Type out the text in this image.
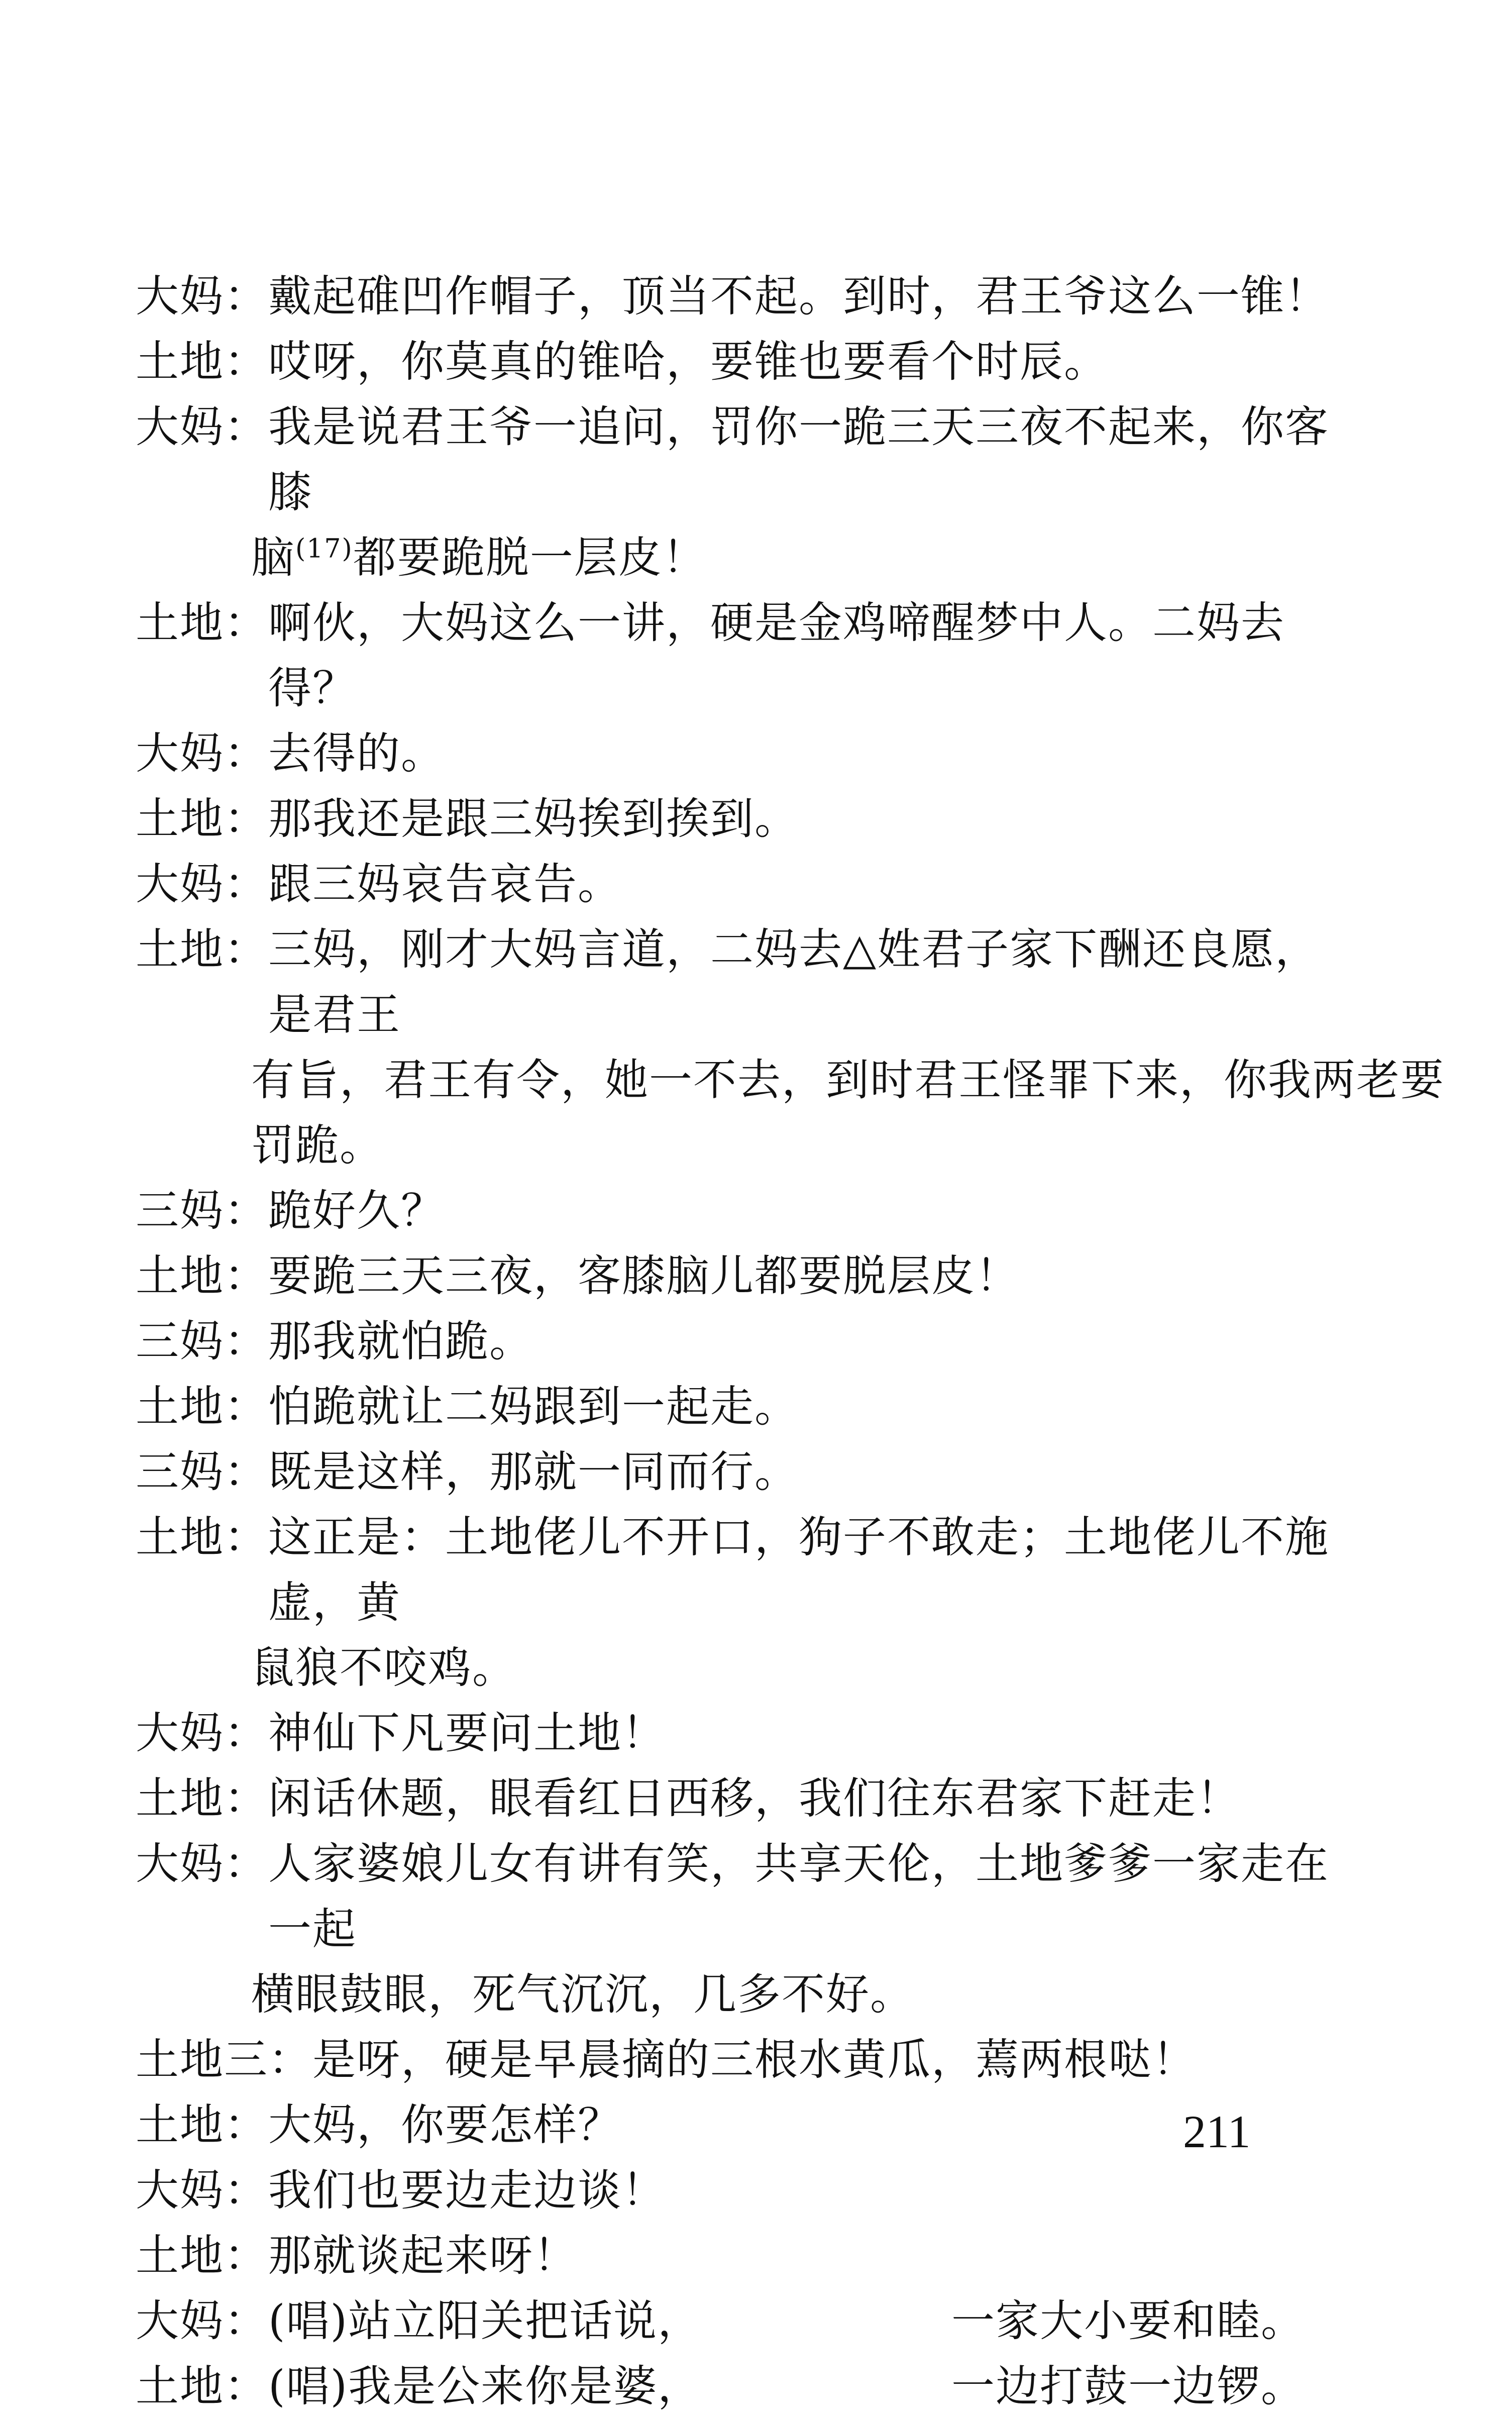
大妈 ： 戴起碓凹作帽子，顶当不起。到时，君王爷这么一锥！
土地 ： 哎呀，你莫真的锥哈，要锥也要看个时辰。
大妈 ： 我是说君王爷一追问，罚你一跪三天三夜不起来，你客膝
脑$^{(17)}$都要跪脱一层皮！
土地 ： 啊伙，大妈这么一讲，硬是金鸡啼醒梦中人。二妈去得？
大妈 ： 去得的。
土地 ： 那我还是跟三妈挨到挨到。
大妈 ： 跟三妈哀告哀告。
土地 ： 三妈，刚才大妈言道，二妈去△姓君子家下酬还良愿，是君王
有旨，君王有令，她一不去，到时君王怪罪下来，你我两老要
罚跪。
三妈 ： 跪好久？
土地 ： 要跪三天三夜，客膝脑儿都要脱层皮！
三妈 ： 那我就怕跪。
土地 ： 怕跪就让二妈跟到一起走。
三妈 ： 既是这样，那就一同而行。
土地 ： 这正是：土地佬儿不开口，狗子不敢走；土地佬儿不施虚，黄
鼠狼不咬鸡。
大妈 ： 神仙下凡要问土地！
土地 ： 闲话休题，眼看红日西移，我们往东君家下赶走！
大妈 ： 人家婆娘儿女有讲有笑，共享天伦，土地爹爹一家走在一起
横眼鼓眼，死气沉沉，几多不好。
土地三 ： 是呀，硬是早晨摘的三根水黄瓜，蔫两根哒！
土地 ： 大妈，你要怎样？
大妈 ： 我们也要边走边谈！
土地 ： 那就谈起来呀！
大妈 ： (唱)站立阳关把话说，	一家大小要和睦。
土地 ： (唱)我是公来你是婆，	一边打鼓一边锣。
211
